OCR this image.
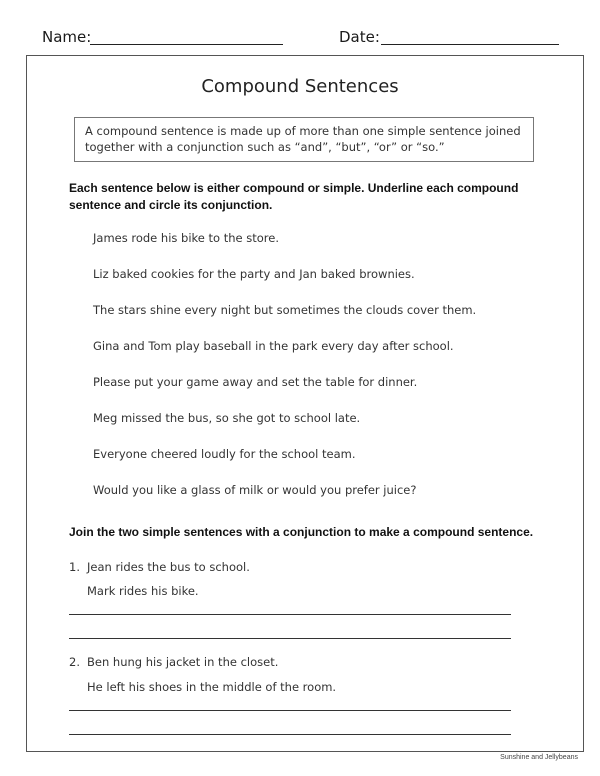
Name:	Date:
Compound Sentences
A compound sentence is made up of more than one simple sentence joined together with a conjunction such as “and”, “but”, “or” or “so.”
Each sentence below is either compound or simple. Underline each compound sentence and circle its conjunction.
James rode his bike to the store.
Liz baked cookies for the party and Jan baked brownies.
The stars shine every night but sometimes the clouds cover them.
Gina and Tom play baseball in the park every day after school.
Please put your game away and set the table for dinner.
Meg missed the bus, so she got to school late.
Everyone cheered loudly for the school team.
Would you like a glass of milk or would you prefer juice?
Join the two simple sentences with a conjunction to make a compound sentence.
1. Jean rides the bus to school.
Mark rides his bike.
2. Ben hung his jacket in the closet.
He left his shoes in the middle of the room.
Sunshine and Jellybeans
